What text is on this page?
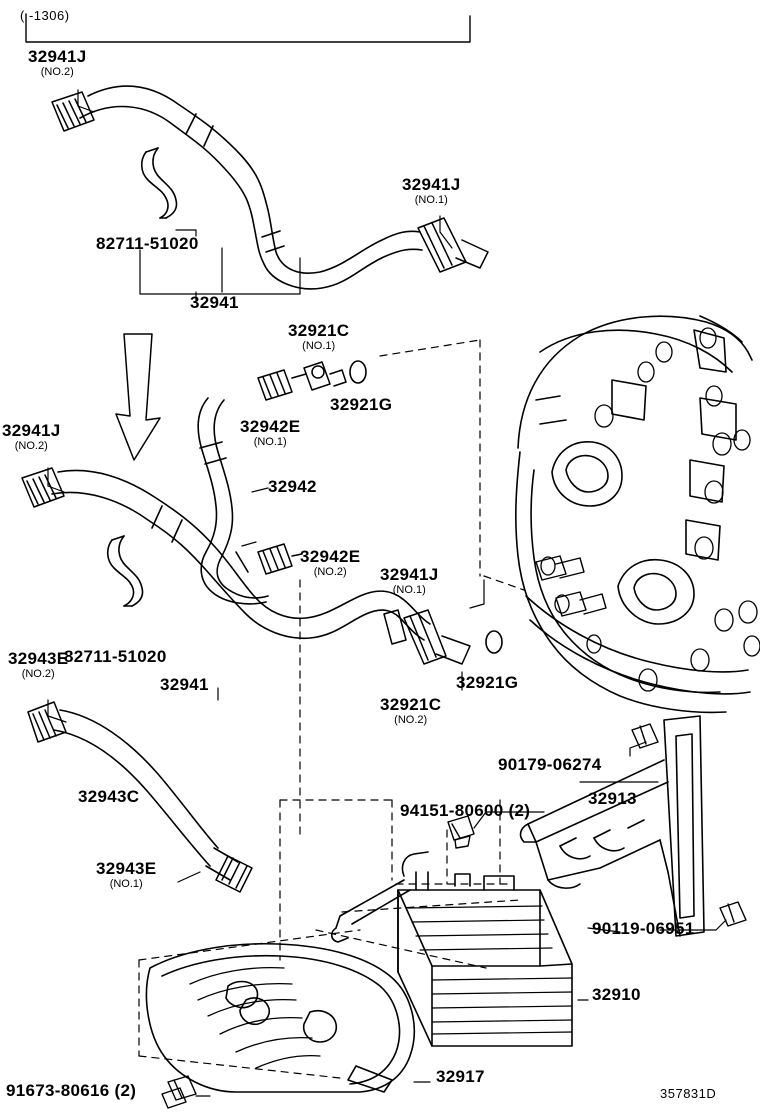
( -1306)
32941J
(NO.2)
32941J
(NO.1)
82711-51020
32941
32921C
(NO.1)
32942E
(NO.1)
32921G
32942
32941J
(NO.2)
32942E
(NO.2)	32941J
(NO.1)
82711-51020
32941	32921G
32921C
(NO.2)
32943E
(NO.2)
32943C
32943E
(NO.1)
90179-06274
32913
94151-80600 (2)
90119-06951
32910
32917
91673-80616 (2)	357831D
